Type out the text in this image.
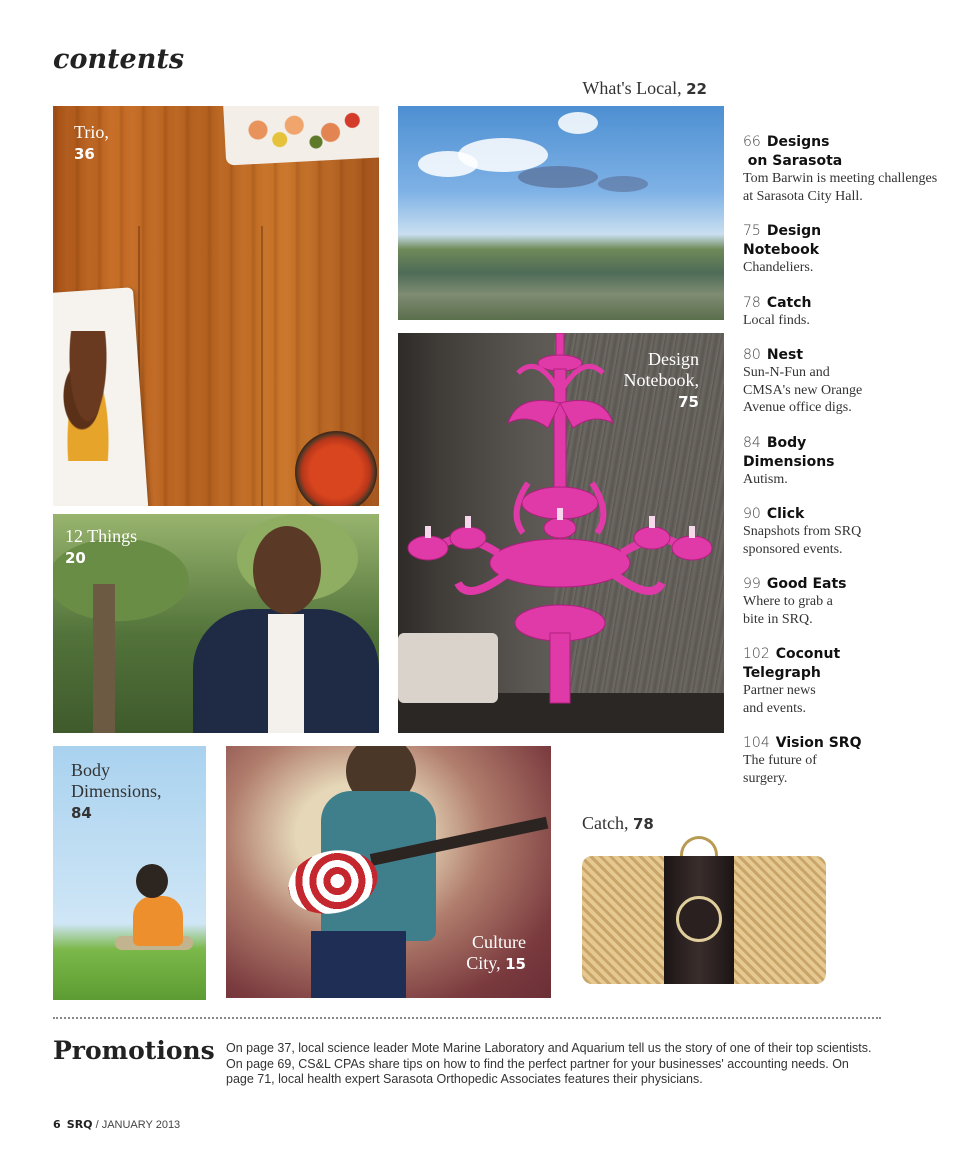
contents
Trio,
36
What's Local, 22
Design
Notebook,
75
12 Things
20
Body
Dimensions,
84
Culture
City, 15
Catch, 78
66 Designs
on Sarasota
Tom Barwin is meeting challenges at Sarasota City Hall.
75 Design
Notebook
Chandeliers.
78 Catch
Local finds.
80 Nest
Sun-N-Fun and CMSA's new Orange Avenue office digs.
84 Body
Dimensions
Autism.
90 Click
Snapshots from SRQ sponsored events.
99 Good Eats
Where to grab a bite in SRQ.
102 Coconut
Telegraph
Partner news and events.
104 Vision SRQ
The future of surgery.
Promotions On page 37, local science leader Mote Marine Laboratory and Aquarium tell us the story of one of their top scientists. On page 69, CS&L CPAs share tips on how to find the perfect partner for your businesses' accounting needs. On page 71, local health expert Sarasota Orthopedic Associates features their physicians.
6 SRQ / JANUARY 2013
